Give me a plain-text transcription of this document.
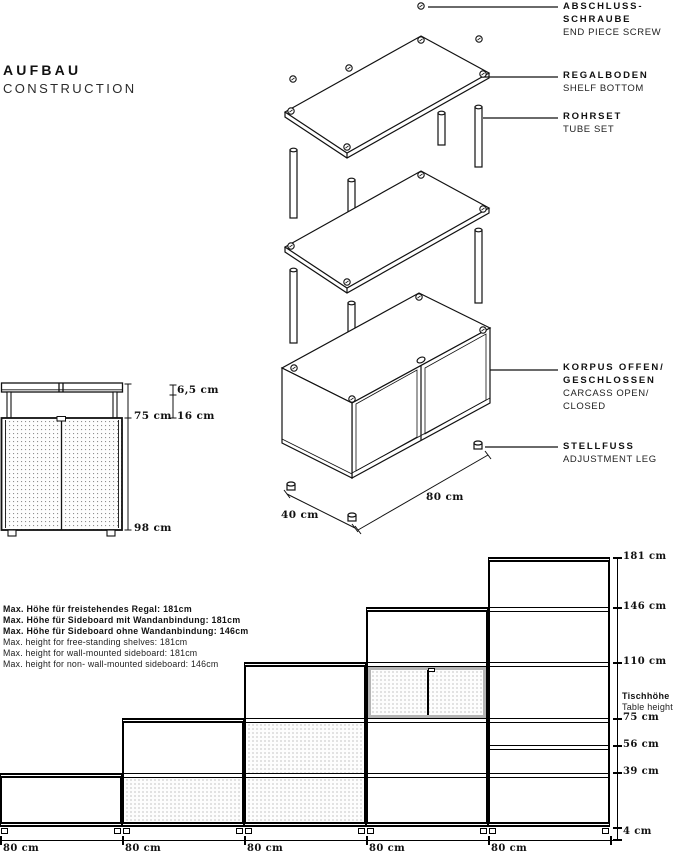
AUFBAU
CONSTRUCTION
40 cm
80 cm
ABSCHLUSS-
SCHRAUBE
END PIECE SCREW
REGALBODEN
SHELF BOTTOM
ROHRSET
TUBE SET
KORPUS OFFEN/
GESCHLOSSEN
CARCASS OPEN/
CLOSED
STELLFUSS
ADJUSTMENT LEG
75 cm
98 cm
6,5 cm
16 cm
Max. Höhe für freistehendes Regal: 181cm
Max. Höhe für Sideboard mit Wandanbindung: 181cm
Max. Höhe für Sideboard ohne Wandanbindung: 146cm
Max. height for free-standing shelves: 181cm
Max. height for wall-mounted sideboard: 181cm
Max. height for non- wall-mounted sideboard: 146cm
80 cm	80 cm	80 cm	80 cm	80 cm
181 cm
146 cm
110 cm
75 cm
56 cm
39 cm
4 cm
Tischhöhe
Table height
